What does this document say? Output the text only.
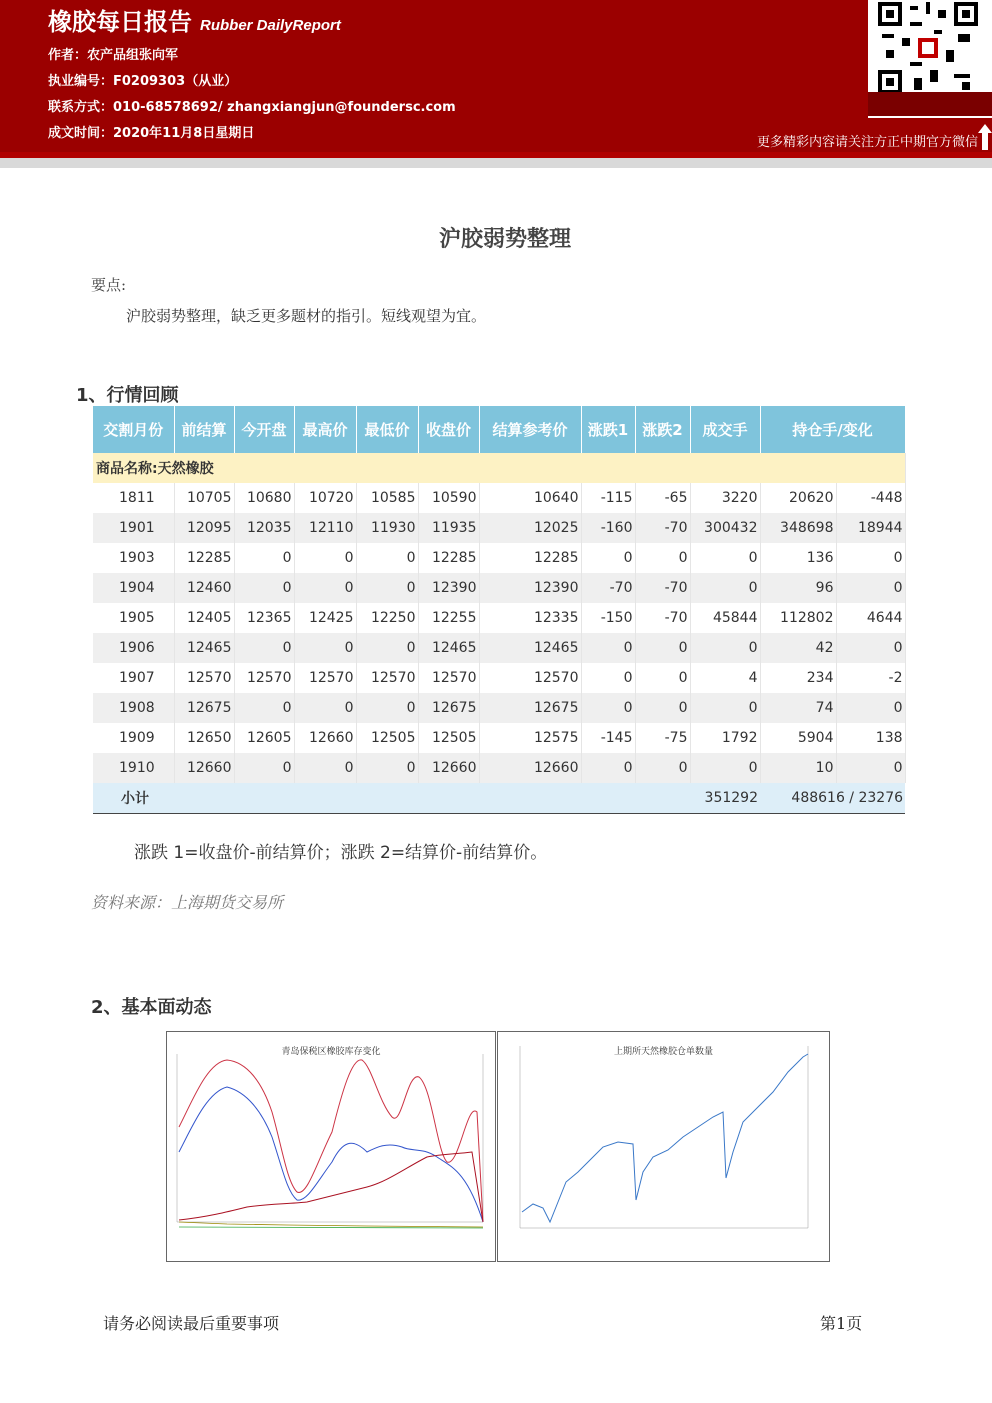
橡胶每日报告 Rubber DailyReport
作者：农产品组张向军
执业编号：F0209303（从业）
联系方式：010-68578692/ zhangxiangjun@foundersc.com
成文时间：2020年11月8日星期日
更多精彩内容请关注方正中期官方微信
沪胶弱势整理
要点:
沪胶弱势整理，缺乏更多题材的指引。短线观望为宜。
1、行情回顾
交割月份	前结算	今开盘	最高价	最低价	收盘价	结算参考价	涨跌1	涨跌2	成交手	持仓手/变化	
商品名称:天然橡胶											
1811	10705	10680	10720	10585	10590	10640	-115	-65	3220	20620	-448
1901	12095	12035	12110	11930	11935	12025	-160	-70	300432	348698	18944
1903	12285	0	0	0	12285	12285	0	0	0	136	0
1904	12460	0	0	0	12390	12390	-70	-70	0	96	0
1905	12405	12365	12425	12250	12255	12335	-150	-70	45844	112802	4644
1906	12465	0	0	0	12465	12465	0	0	0	42	0
1907	12570	12570	12570	12570	12570	12570	0	0	4	234	-2
1908	12675	0	0	0	12675	12675	0	0	0	74	0
1909	12650	12605	12660	12505	12505	12575	-145	-75	1792	5904	138
1910	12660	0	0	0	12660	12660	0	0	0	10	0
小计									351292	488616 / 23276	
涨跌 1=收盘价-前结算价；涨跌 2=结算价-前结算价。
资料来源：上海期货交易所
2、基本面动态
青岛保税区橡胶库存变化	上期所天然橡胶仓单数量
请务必阅读最后重要事项	第1页
